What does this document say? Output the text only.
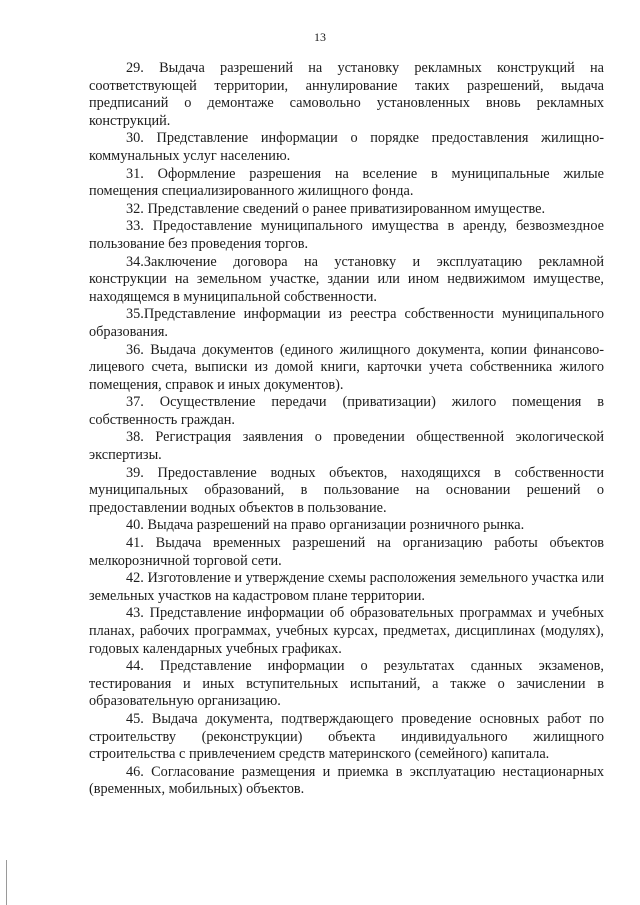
13

29. Выдача разрешений на установку рекламных конструкций на соответствующей территории, аннулирование таких разрешений, выдача предписаний о демонтаже самовольно установленных вновь рекламных конструкций.

30. Представление информации о порядке предоставления жилищно-коммунальных услуг населению.

31. Оформление разрешения на вселение в муниципальные жилые помещения специализированного жилищного фонда.

32. Представление сведений о ранее приватизированном имуществе.

33. Предоставление муниципального имущества в аренду, безвозмездное пользование без проведения торгов.

34.Заключение договора на установку и эксплуатацию рекламной конструкции на земельном участке, здании или ином недвижимом имуществе, находящемся в муниципальной собственности.

35.Представление информации из реестра собственности муниципального образования.

36. Выдача документов (единого жилищного документа, копии финансово-лицевого счета, выписки из домой книги, карточки учета собственника жилого помещения, справок и иных документов).

37. Осуществление передачи (приватизации) жилого помещения в собственность граждан.

38. Регистрация заявления о проведении общественной экологической экспертизы.

39. Предоставление водных объектов, находящихся в собственности муниципальных образований, в пользование на основании решений о предоставлении водных объектов в пользование.

40. Выдача разрешений на право организации розничного рынка.

41. Выдача временных разрешений на организацию работы объектов мелкорозничной торговой сети.

42. Изготовление и утверждение схемы расположения земельного участка или земельных участков на кадастровом плане территории.

43. Представление информации об образовательных программах и учебных планах, рабочих программах, учебных курсах, предметах, дисциплинах (модулях), годовых календарных учебных графиках.

44. Представление информации о результатах сданных экзаменов, тестирования и иных вступительных испытаний, а также о зачислении в образовательную организацию.

45. Выдача документа, подтверждающего проведение основных работ по строительству (реконструкции) объекта индивидуального жилищного строительства с привлечением средств материнского (семейного) капитала.

46. Согласование размещения и приемка в эксплуатацию нестационарных (временных, мобильных) объектов.
